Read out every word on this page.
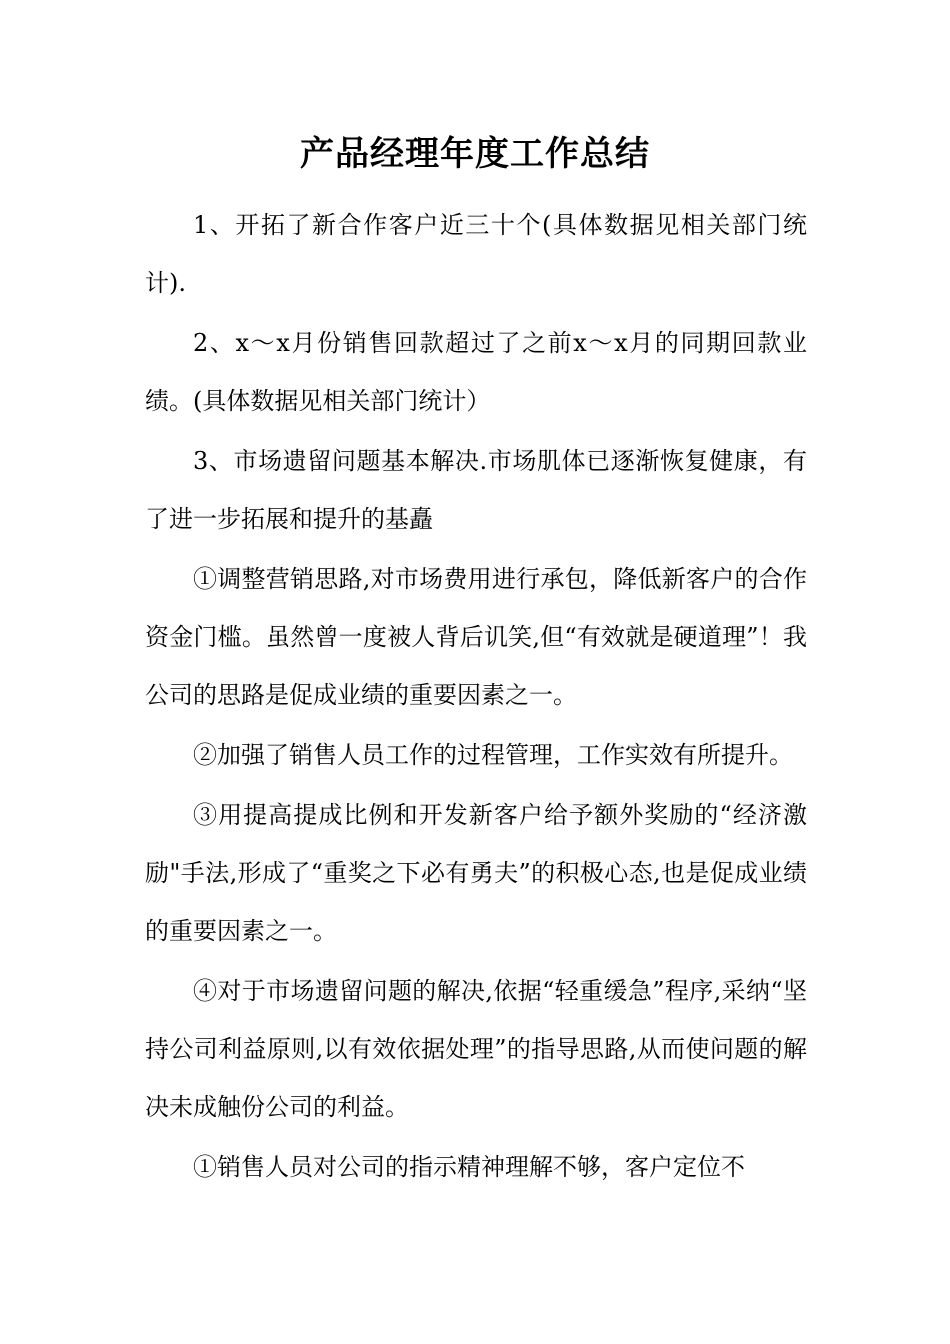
产品经理年度工作总结

1、开拓了新合作客户近三十个(具体数据见相关部门统计).

2、x～x月份销售回款超过了之前x～x月的同期回款业绩。(具体数据见相关部门统计）

3、市场遗留问题基本解决.市场肌体已逐渐恢复健康，有了进一步拓展和提升的基矗

①调整营销思路,对市场费用进行承包，降低新客户的合作资金门槛。虽然曾一度被人背后讥笑,但“有效就是硬道理”！我公司的思路是促成业绩的重要因素之一。

②加强了销售人员工作的过程管理，工作实效有所提升。

③用提高提成比例和开发新客户给予额外奖励的“经济激励"手法,形成了“重奖之下必有勇夫”的积极心态,也是促成业绩的重要因素之一。

④对于市场遗留问题的解决,依据“轻重缓急”程序,采纳“坚持公司利益原则,以有效依据处理”的指导思路,从而使问题的解决未成触份公司的利益。

①销售人员对公司的指示精神理解不够，客户定位不
